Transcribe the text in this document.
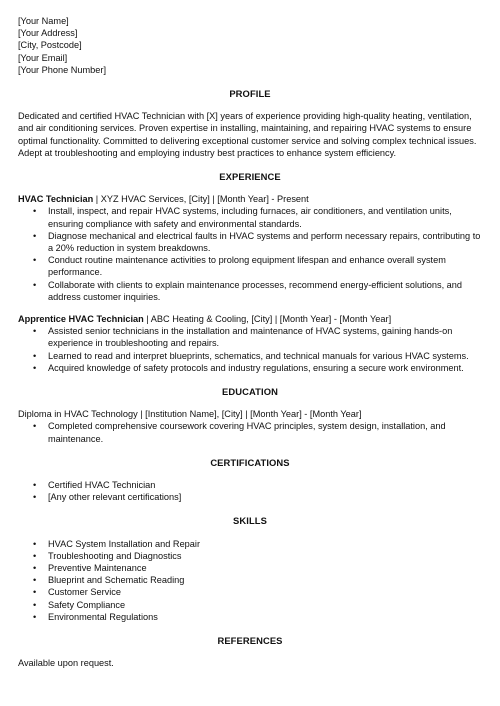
[Your Name]
[Your Address]
[City, Postcode]
[Your Email]
[Your Phone Number]
PROFILE

Dedicated and certified HVAC Technician with [X] years of experience providing high-quality heating, ventilation, and air conditioning services. Proven expertise in installing, maintaining, and repairing HVAC systems to ensure optimal functionality. Committed to delivering exceptional customer service and solving complex technical issues. Adept at troubleshooting and employing industry best practices to enhance system efficiency.

EXPERIENCE

HVAC Technician | XYZ HVAC Services, [City] | [Month Year] - Present

• Install, inspect, and repair HVAC systems, including furnaces, air conditioners, and ventilation units, ensuring compliance with safety and environmental standards.
• Diagnose mechanical and electrical faults in HVAC systems and perform necessary repairs, contributing to a 20% reduction in system breakdowns.
• Conduct routine maintenance activities to prolong equipment lifespan and enhance overall system performance.
• Collaborate with clients to explain maintenance processes, recommend energy-efficient solutions, and address customer inquiries.

Apprentice HVAC Technician | ABC Heating & Cooling, [City] | [Month Year] - [Month Year]

• Assisted senior technicians in the installation and maintenance of HVAC systems, gaining hands-on experience in troubleshooting and repairs.
• Learned to read and interpret blueprints, schematics, and technical manuals for various HVAC systems.
• Acquired knowledge of safety protocols and industry regulations, ensuring a secure work environment.
EDUCATION

Diploma in HVAC Technology | [Institution Name], [City] | [Month Year] - [Month Year]

• Completed comprehensive coursework covering HVAC principles, system design, installation, and maintenance.
CERTIFICATIONS
• Certified HVAC Technician
• [Any other relevant certifications]
SKILLS
• HVAC System Installation and Repair
• Troubleshooting and Diagnostics
• Preventive Maintenance
• Blueprint and Schematic Reading
• Customer Service
• Safety Compliance
• Environmental Regulations
REFERENCES

Available upon request.
